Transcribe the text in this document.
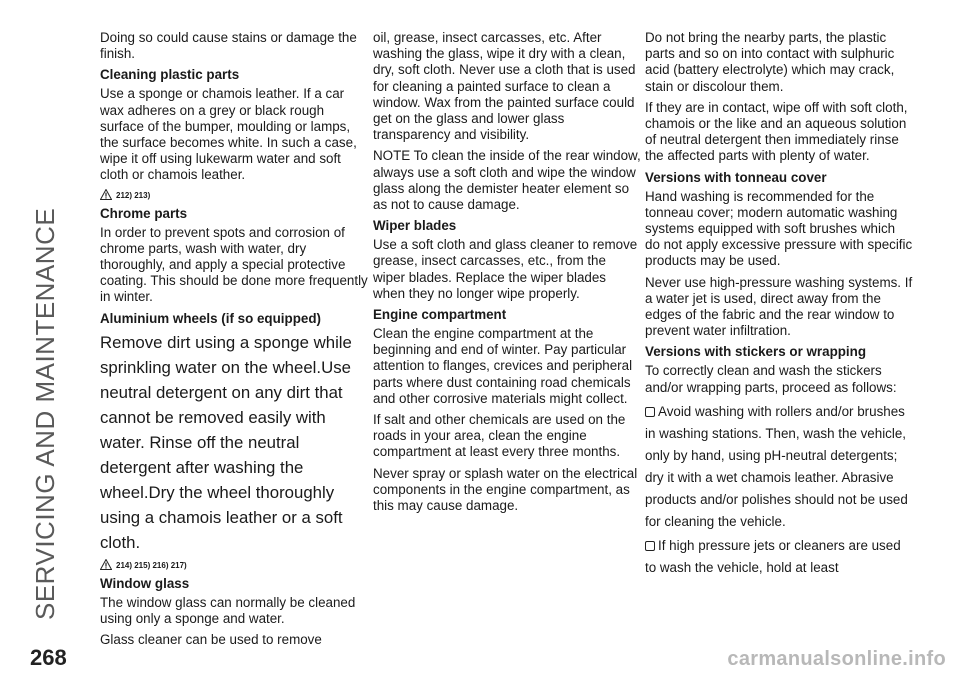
SERVICING AND MAINTENANCE
268

Doing so could cause stains or damage the finish.

Cleaning plastic parts

Use a sponge or chamois leather. If a car wax adheres on a grey or black rough surface of the bumper, moulding or lamps, the surface becomes white. In such a case, wipe it off using lukewarm water and soft cloth or chamois leather.

212) 213)
Chrome parts

In order to prevent spots and corrosion of chrome parts, wash with water, dry thoroughly, and apply a special protective coating. This should be done more frequently in winter.

Aluminium wheels (if so equipped)

Remove dirt using a sponge while sprinkling water on the wheel.Use neutral detergent on any dirt that cannot be removed easily with water. Rinse off the neutral detergent after washing the wheel.Dry the wheel thoroughly using a chamois leather or a soft cloth.

214) 215) 216) 217)
Window glass

The window glass can normally be cleaned using only a sponge and water.

Glass cleaner can be used to remove

oil, grease, insect carcasses, etc. After washing the glass, wipe it dry with a clean, dry, soft cloth. Never use a cloth that is used for cleaning a painted surface to clean a window. Wax from the painted surface could get on the glass and lower glass transparency and visibility.

NOTE To clean the inside of the rear window, always use a soft cloth and wipe the window glass along the demister heater element so as not to cause damage.

Wiper blades

Use a soft cloth and glass cleaner to remove grease, insect carcasses, etc., from the wiper blades. Replace the wiper blades when they no longer wipe properly.

Engine compartment

Clean the engine compartment at the beginning and end of winter. Pay particular attention to flanges, crevices and peripheral parts where dust containing road chemicals and other corrosive materials might collect.

If salt and other chemicals are used on the roads in your area, clean the engine compartment at least every three months.

Never spray or splash water on the electrical components in the engine compartment, as this may cause damage.

Do not bring the nearby parts, the plastic parts and so on into contact with sulphuric acid (battery electrolyte) which may crack, stain or discolour them.

If they are in contact, wipe off with soft cloth, chamois or the like and an aqueous solution of neutral detergent then immediately rinse the affected parts with plenty of water.

Versions with tonneau cover

Hand washing is recommended for the tonneau cover; modern automatic washing systems equipped with soft brushes which do not apply excessive pressure with specific products may be used.

Never use high-pressure washing systems. If a water jet is used, direct away from the edges of the fabric and the rear window to prevent water infiltration.

Versions with stickers or wrapping

To correctly clean and wash the stickers and/or wrapping parts, proceed as follows:

Avoid washing with rollers and/or brushes in washing stations. Then, wash the vehicle, only by hand, using pH-neutral detergents; dry it with a wet chamois leather. Abrasive products and/or polishes should not be used for cleaning the vehicle.

If high pressure jets or cleaners are used to wash the vehicle, hold at least

carmanualsonline.info
